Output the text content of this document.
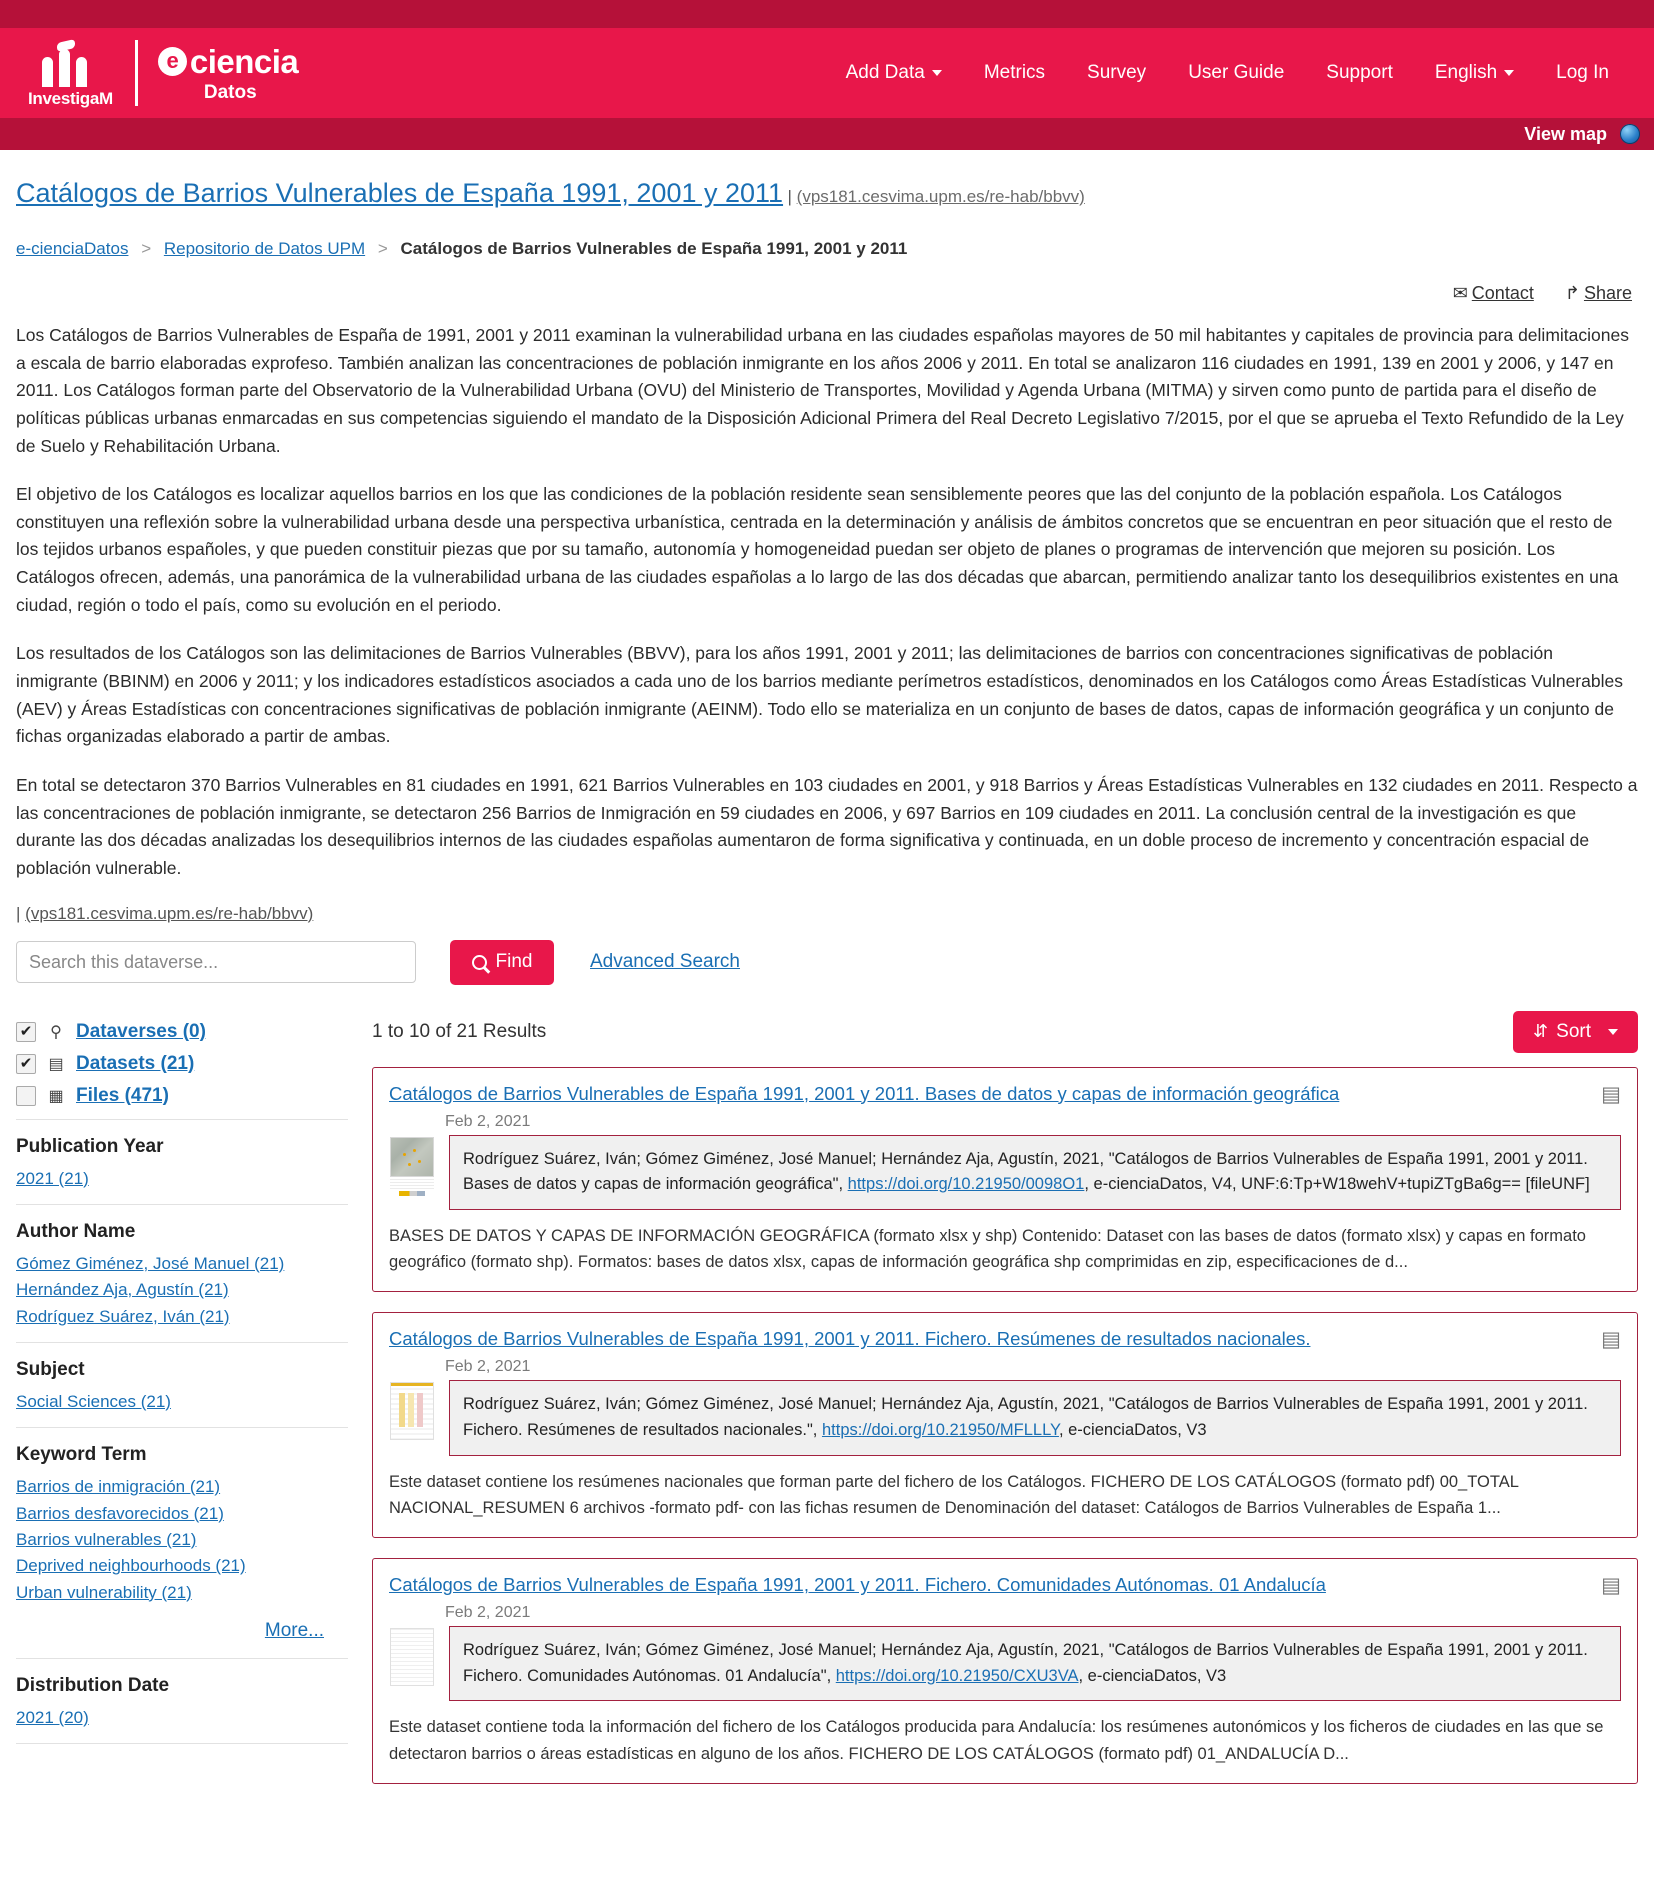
InvestigaM
e ciencia
Datos
Add Data	Metrics	Survey	User Guide	Support	English	Log In
View map
Catálogos de Barrios Vulnerables de España 1991, 2001 y 2011 | (vps181.cesvima.upm.es/re-hab/bbvv)
e-cienciaDatos > Repositorio de Datos UPM > Catálogos de Barrios Vulnerables de España 1991, 2001 y 2011
✉ Contact ↱ Share

Los Catálogos de Barrios Vulnerables de España de 1991, 2001 y 2011 examinan la vulnerabilidad urbana en las ciudades españolas mayores de 50 mil habitantes y capitales de provincia para delimitaciones a escala de barrio elaboradas exprofeso. También analizan las concentraciones de población inmigrante en los años 2006 y 2011. En total se analizaron 116 ciudades en 1991, 139 en 2001 y 2006, y 147 en 2011. Los Catálogos forman parte del Observatorio de la Vulnerabilidad Urbana (OVU) del Ministerio de Transportes, Movilidad y Agenda Urbana (MITMA) y sirven como punto de partida para el diseño de políticas públicas urbanas enmarcadas en sus competencias siguiendo el mandato de la Disposición Adicional Primera del Real Decreto Legislativo 7/2015, por el que se aprueba el Texto Refundido de la Ley de Suelo y Rehabilitación Urbana.

El objetivo de los Catálogos es localizar aquellos barrios en los que las condiciones de la población residente sean sensiblemente peores que las del conjunto de la población española. Los Catálogos constituyen una reflexión sobre la vulnerabilidad urbana desde una perspectiva urbanística, centrada en la determinación y análisis de ámbitos concretos que se encuentran en peor situación que el resto de los tejidos urbanos españoles, y que pueden constituir piezas que por su tamaño, autonomía y homogeneidad puedan ser objeto de planes o programas de intervención que mejoren su posición. Los Catálogos ofrecen, además, una panorámica de la vulnerabilidad urbana de las ciudades españolas a lo largo de las dos décadas que abarcan, permitiendo analizar tanto los desequilibrios existentes en una ciudad, región o todo el país, como su evolución en el periodo.

Los resultados de los Catálogos son las delimitaciones de Barrios Vulnerables (BBVV), para los años 1991, 2001 y 2011; las delimitaciones de barrios con concentraciones significativas de población inmigrante (BBINM) en 2006 y 2011; y los indicadores estadísticos asociados a cada uno de los barrios mediante perímetros estadísticos, denominados en los Catálogos como Áreas Estadísticas Vulnerables (AEV) y Áreas Estadísticas con concentraciones significativas de población inmigrante (AEINM). Todo ello se materializa en un conjunto de bases de datos, capas de información geográfica y un conjunto de fichas organizadas elaborado a partir de ambas.

En total se detectaron 370 Barrios Vulnerables en 81 ciudades en 1991, 621 Barrios Vulnerables en 103 ciudades en 2001, y 918 Barrios y Áreas Estadísticas Vulnerables en 132 ciudades en 2011. Respecto a las concentraciones de población inmigrante, se detectaron 256 Barrios de Inmigración en 59 ciudades en 2006, y 697 Barrios en 109 ciudades en 2011. La conclusión central de la investigación es que durante las dos décadas analizadas los desequilibrios internos de las ciudades españolas aumentaron de forma significativa y continuada, en un doble proceso de incremento y concentración espacial de población vulnerable.

| (vps181.cesvima.upm.es/re-hab/bbvv)
Search this dataverse...
Find	Advanced Search
✔
⚲ Dataverses (0)
✔
▤ Datasets (21)
▦ Files (471)
Publication Year
2021 (21)
Author Name
Gómez Giménez, José Manuel (21)
Hernández Aja, Agustín (21)
Rodríguez Suárez, Iván (21)
Subject
Social Sciences (21)
Keyword Term
Barrios de inmigración (21)
Barrios desfavorecidos (21)
Barrios vulnerables (21)
Deprived neighbourhoods (21)
Urban vulnerability (21)
More...
Distribution Date
2021 (20)
1 to 10 of 21 Results	⇵ Sort
Catálogos de Barrios Vulnerables de España 1991, 2001 y 2011. Bases de datos y capas de información geográfica	▤
Feb 2, 2021
Rodríguez Suárez, Iván; Gómez Giménez, José Manuel; Hernández Aja, Agustín, 2021, "Catálogos de Barrios Vulnerables de España 1991, 2001 y 2011. Bases de datos y capas de información geográfica", https://doi.org/10.21950/0098O1, e-cienciaDatos, V4, UNF:6:Tp+W18wehV+tupiZTgBa6g== [fileUNF]
BASES DE DATOS Y CAPAS DE INFORMACIÓN GEOGRÁFICA (formato xlsx y shp) Contenido: Dataset con las bases de datos (formato xlsx) y capas en formato geográfico (formato shp). Formatos: bases de datos xlsx, capas de información geográfica shp comprimidas en zip, especificaciones de d...
Catálogos de Barrios Vulnerables de España 1991, 2001 y 2011. Fichero. Resúmenes de resultados nacionales.	▤
Feb 2, 2021
Rodríguez Suárez, Iván; Gómez Giménez, José Manuel; Hernández Aja, Agustín, 2021, "Catálogos de Barrios Vulnerables de España 1991, 2001 y 2011. Fichero. Resúmenes de resultados nacionales.", https://doi.org/10.21950/MFLLLY, e-cienciaDatos, V3
Este dataset contiene los resúmenes nacionales que forman parte del fichero de los Catálogos. FICHERO DE LOS CATÁLOGOS (formato pdf) 00_TOTAL NACIONAL_RESUMEN 6 archivos -formato pdf- con las fichas resumen de Denominación del dataset: Catálogos de Barrios Vulnerables de España 1...
Catálogos de Barrios Vulnerables de España 1991, 2001 y 2011. Fichero. Comunidades Autónomas. 01 Andalucía	▤
Feb 2, 2021
Rodríguez Suárez, Iván; Gómez Giménez, José Manuel; Hernández Aja, Agustín, 2021, "Catálogos de Barrios Vulnerables de España 1991, 2001 y 2011. Fichero. Comunidades Autónomas. 01 Andalucía", https://doi.org/10.21950/CXU3VA, e-cienciaDatos, V3
Este dataset contiene toda la información del fichero de los Catálogos producida para Andalucía: los resúmenes autonómicos y los ficheros de ciudades en las que se detectaron barrios o áreas estadísticas en alguno de los años. FICHERO DE LOS CATÁLOGOS (formato pdf) 01_ANDALUCÍA D...
